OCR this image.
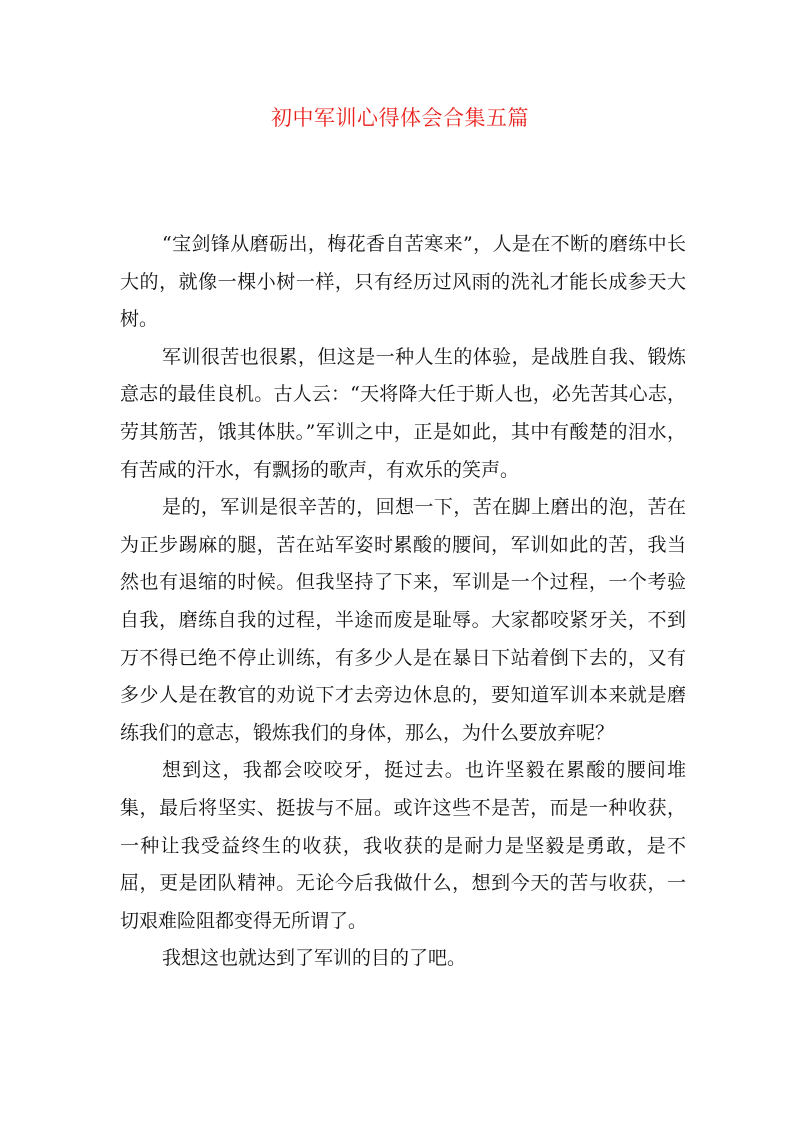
初中军训心得体会合集五篇

“宝剑锋从磨砺出，梅花香自苦寒来”，人是在不断的磨练中长大的，就像一棵小树一样，只有经历过风雨的洗礼才能长成参天大树。

军训很苦也很累，但这是一种人生的体验，是战胜自我、锻炼意志的最佳良机。古人云：“天将降大任于斯人也，必先苦其心志，劳其筋苦，饿其体肤。”军训之中，正是如此，其中有酸楚的泪水，有苦咸的汗水，有飘扬的歌声，有欢乐的笑声。

是的，军训是很辛苦的，回想一下，苦在脚上磨出的泡，苦在为正步踢麻的腿，苦在站军姿时累酸的腰间，军训如此的苦，我当然也有退缩的时候。但我坚持了下来，军训是一个过程，一个考验自我，磨练自我的过程，半途而废是耻辱。大家都咬紧牙关，不到万不得已绝不停止训练，有多少人是在暴日下站着倒下去的，又有多少人是在教官的劝说下才去旁边休息的，要知道军训本来就是磨练我们的意志，锻炼我们的身体，那么，为什么要放弃呢？

想到这，我都会咬咬牙，挺过去。也许坚毅在累酸的腰间堆集，最后将坚实、挺拔与不屈。或许这些不是苦，而是一种收获，一种让我受益终生的收获，我收获的是耐力是坚毅是勇敢，是不屈，更是团队精神。无论今后我做什么，想到今天的苦与收获，一切艰难险阻都变得无所谓了。

我想这也就达到了军训的目的了吧。
